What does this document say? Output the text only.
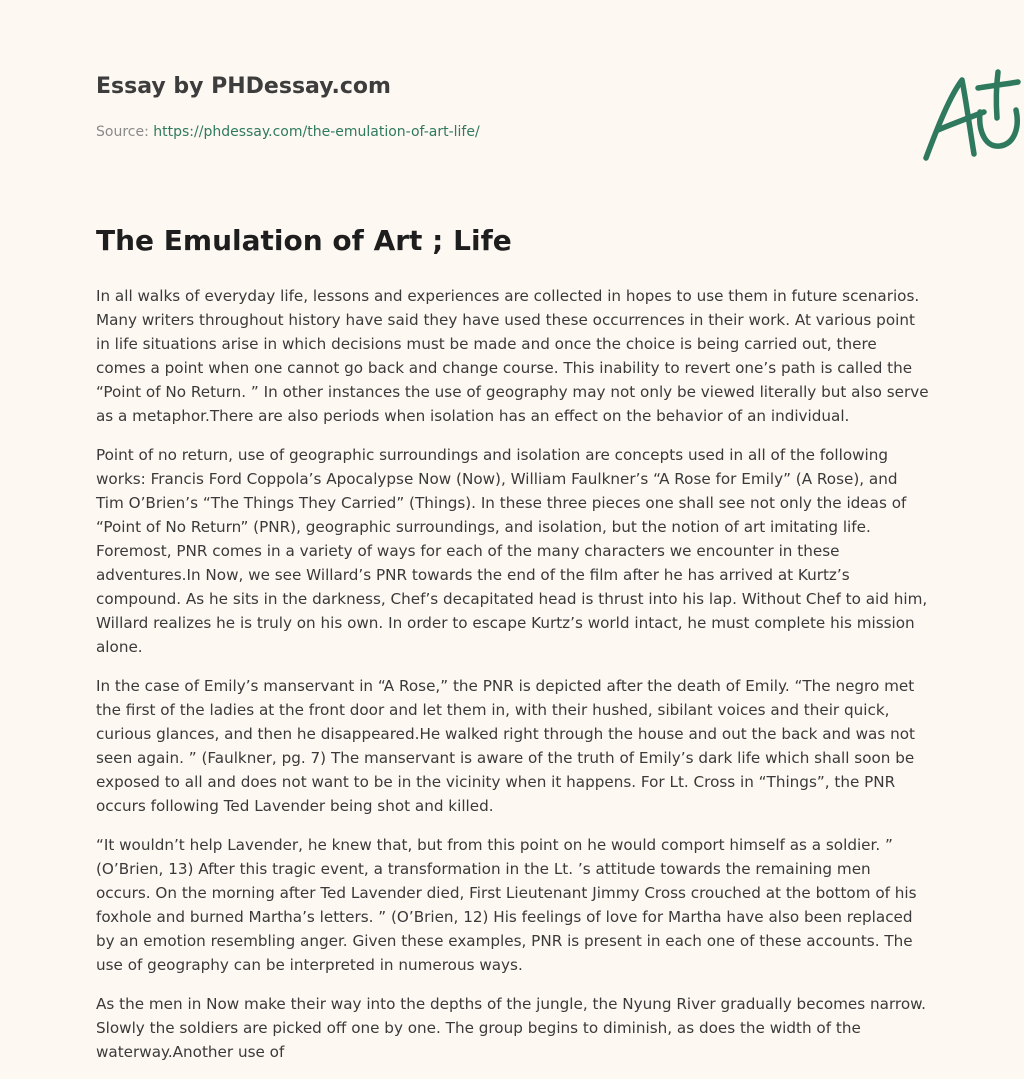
Essay by PHDessay.com
Source: https://phdessay.com/the-emulation-of-art-life/
The Emulation of Art ; Life

In all walks of everyday life, lessons and experiences are collected in hopes to use them in future scenarios. Many writers throughout history have said they have used these occurrences in their work. At various point in life situations arise in which decisions must be made and once the choice is being carried out, there comes a point when one cannot go back and change course. This inability to revert one’s path is called the “Point of No Return. ” In other instances the use of geography may not only be viewed literally but also serve as a metaphor.There are also periods when isolation has an effect on the behavior of an individual.

Point of no return, use of geographic surroundings and isolation are concepts used in all of the following works: Francis Ford Coppola’s Apocalypse Now (Now), William Faulkner’s “A Rose for Emily” (A Rose), and Tim O’Brien’s “The Things They Carried” (Things). In these three pieces one shall see not only the ideas of “Point of No Return” (PNR), geographic surroundings, and isolation, but the notion of art imitating life. Foremost, PNR comes in a variety of ways for each of the many characters we encounter in these adventures.In Now, we see Willard’s PNR towards the end of the film after he has arrived at Kurtz’s compound. As he sits in the darkness, Chef’s decapitated head is thrust into his lap. Without Chef to aid him, Willard realizes he is truly on his own. In order to escape Kurtz’s world intact, he must complete his mission alone.

In the case of Emily’s manservant in “A Rose,” the PNR is depicted after the death of Emily. “The negro met the first of the ladies at the front door and let them in, with their hushed, sibilant voices and their quick, curious glances, and then he disappeared.He walked right through the house and out the back and was not seen again. ” (Faulkner, pg. 7) The manservant is aware of the truth of Emily’s dark life which shall soon be exposed to all and does not want to be in the vicinity when it happens. For Lt. Cross in “Things”, the PNR occurs following Ted Lavender being shot and killed.

“It wouldn’t help Lavender, he knew that, but from this point on he would comport himself as a soldier. ” (O’Brien, 13) After this tragic event, a transformation in the Lt. ’s attitude towards the remaining men occurs. On the morning after Ted Lavender died, First Lieutenant Jimmy Cross crouched at the bottom of his foxhole and burned Martha’s letters. ” (O’Brien, 12) His feelings of love for Martha have also been replaced by an emotion resembling anger. Given these examples, PNR is present in each one of these accounts. The use of geography can be interpreted in numerous ways.

As the men in Now make their way into the depths of the jungle, the Nyung River gradually becomes narrow. Slowly the soldiers are picked off one by one. The group begins to diminish, as does the width of the waterway.Another use of
